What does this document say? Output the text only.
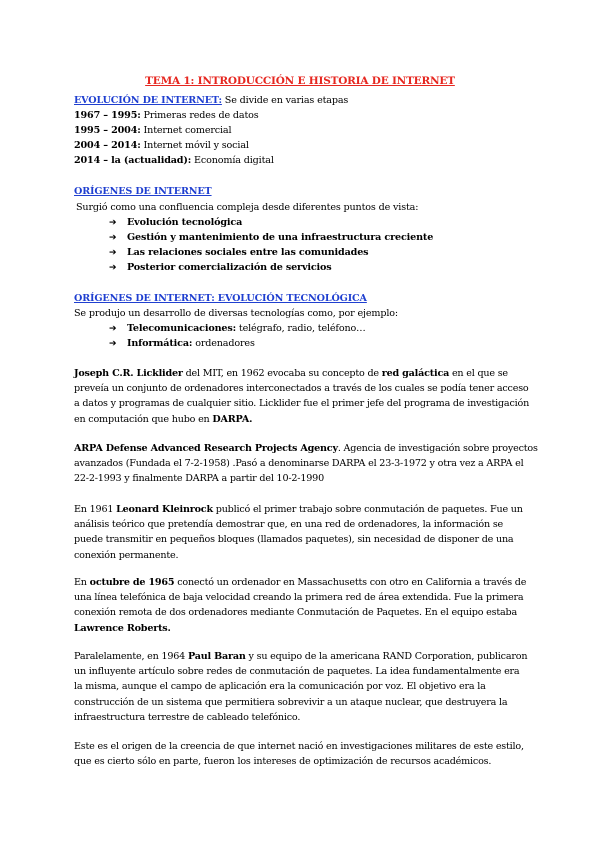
TEMA 1: INTRODUCCIÓN E HISTORIA DE INTERNET
EVOLUCIÓN DE INTERNET: Se divide en varias etapas
1967 – 1995: Primeras redes de datos
1995 – 2004: Internet comercial
2004 – 2014: Internet móvil y social
2014 – la (actualidad): Economía digital
ORÍGENES DE INTERNET
Surgió como una confluencia compleja desde diferentes puntos de vista:
➔ Evolución tecnológica
➔ Gestión y mantenimiento de una infraestructura creciente
➔ Las relaciones sociales entre las comunidades
➔ Posterior comercialización de servicios
ORÍGENES DE INTERNET: EVOLUCIÓN TECNOLÓGICA
Se produjo un desarrollo de diversas tecnologías como, por ejemplo:
➔ Telecomunicaciones: telégrafo, radio, teléfono…
➔ Informática: ordenadores
Joseph C.R. Licklider del MIT, en 1962 evocaba su concepto de red galáctica en el que se
preveía un conjunto de ordenadores interconectados a través de los cuales se podía tener acceso
a datos y programas de cualquier sitio. Licklider fue el primer jefe del programa de investigación
en computación que hubo en DARPA.
ARPA Defense Advanced Research Projects Agency. Agencia de investigación sobre proyectos
avanzados (Fundada el 7-2-1958) .Pasó a denominarse DARPA el 23-3-1972 y otra vez a ARPA el
22-2-1993 y finalmente DARPA a partir del 10-2-1990
En 1961 Leonard Kleinrock publicó el primer trabajo sobre conmutación de paquetes. Fue un
análisis teórico que pretendía demostrar que, en una red de ordenadores, la información se
puede transmitir en pequeños bloques (llamados paquetes), sin necesidad de disponer de una
conexión permanente.
En octubre de 1965 conectó un ordenador en Massachusetts con otro en California a través de
una línea telefónica de baja velocidad creando la primera red de área extendida. Fue la primera
conexión remota de dos ordenadores mediante Conmutación de Paquetes. En el equipo estaba
Lawrence Roberts.
Paralelamente, en 1964 Paul Baran y su equipo de la americana RAND Corporation, publicaron
un influyente artículo sobre redes de conmutación de paquetes. La idea fundamentalmente era
la misma, aunque el campo de aplicación era la comunicación por voz. El objetivo era la
construcción de un sistema que permitiera sobrevivir a un ataque nuclear, que destruyera la
infraestructura terrestre de cableado telefónico.
Este es el origen de la creencia de que internet nació en investigaciones militares de este estilo,
que es cierto sólo en parte, fueron los intereses de optimización de recursos académicos.
